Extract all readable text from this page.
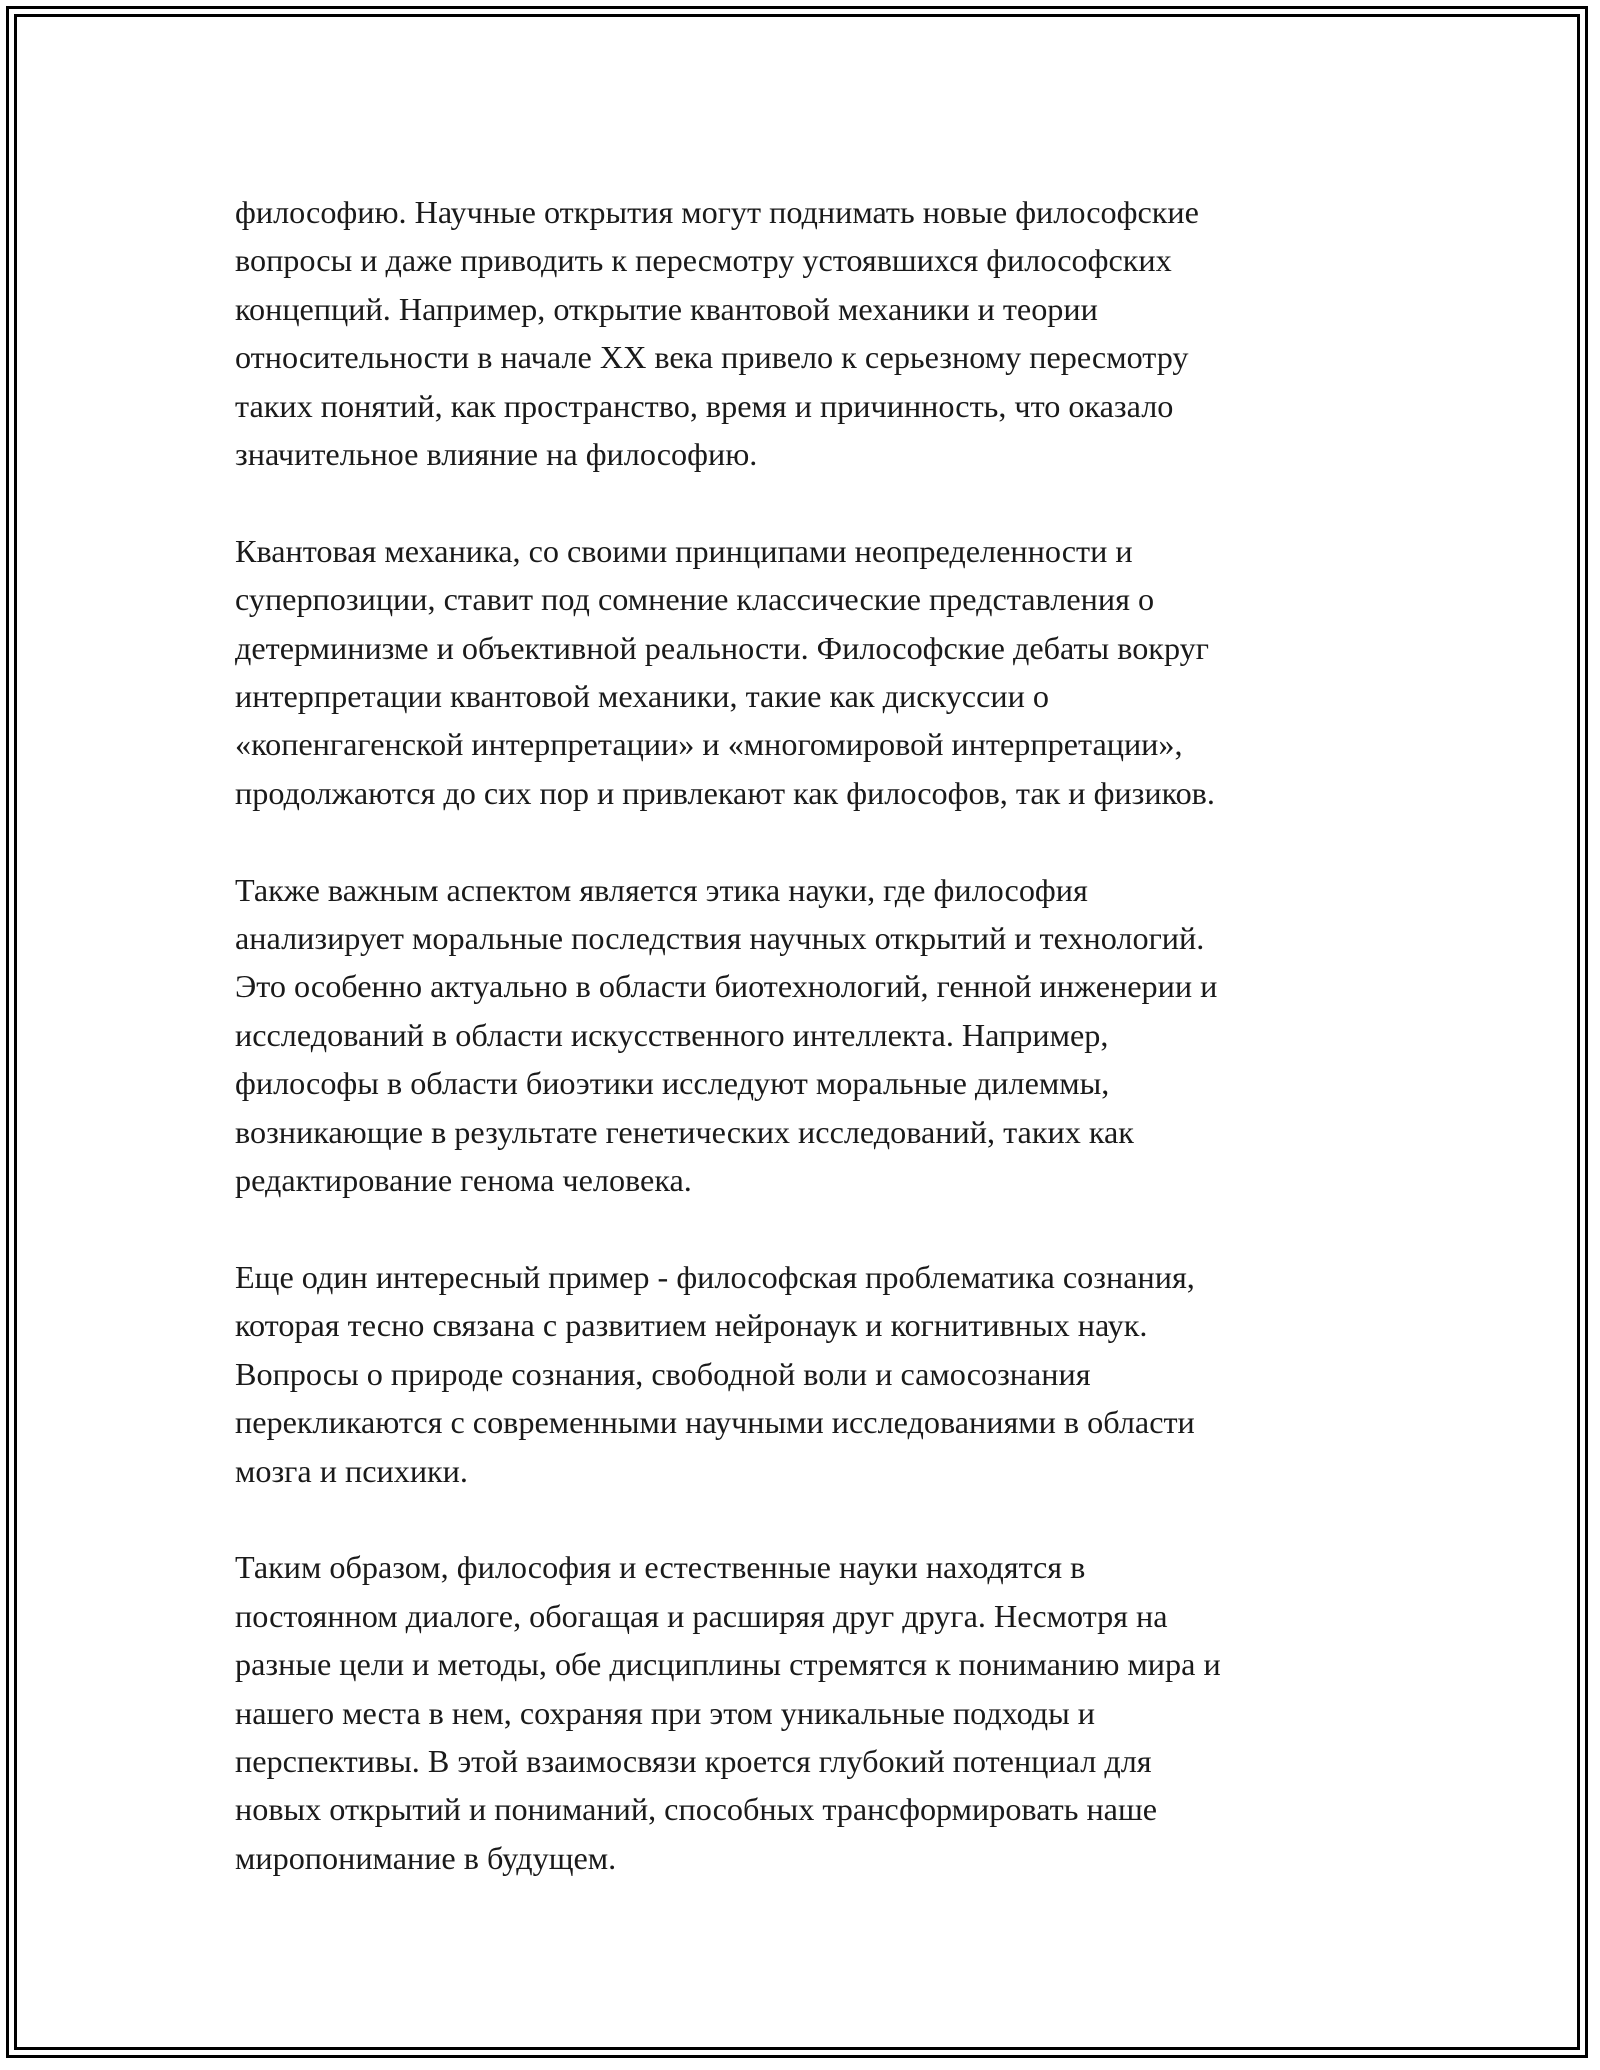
философию. Научные открытия могут поднимать новые философские
вопросы и даже приводить к пересмотру устоявшихся философских
концепций. Например, открытие квантовой механики и теории
относительности в начале XX века привело к серьезному пересмотру
таких понятий, как пространство, время и причинность, что оказало
значительное влияние на философию.

Квантовая механика, со своими принципами неопределенности и
суперпозиции, ставит под сомнение классические представления о
детерминизме и объективной реальности. Философские дебаты вокруг
интерпретации квантовой механики, такие как дискуссии о
«копенгагенской интерпретации» и «многомировой интерпретации»,
продолжаются до сих пор и привлекают как философов, так и физиков.

Также важным аспектом является этика науки, где философия
анализирует моральные последствия научных открытий и технологий.
Это особенно актуально в области биотехнологий, генной инженерии и
исследований в области искусственного интеллекта. Например,
философы в области биоэтики исследуют моральные дилеммы,
возникающие в результате генетических исследований, таких как
редактирование генома человека.

Еще один интересный пример - философская проблематика сознания,
которая тесно связана с развитием нейронаук и когнитивных наук.
Вопросы о природе сознания, свободной воли и самосознания
перекликаются с современными научными исследованиями в области
мозга и психики.

Таким образом, философия и естественные науки находятся в
постоянном диалоге, обогащая и расширяя друг друга. Несмотря на
разные цели и методы, обе дисциплины стремятся к пониманию мира и
нашего места в нем, сохраняя при этом уникальные подходы и
перспективы. В этой взаимосвязи кроется глубокий потенциал для
новых открытий и пониманий, способных трансформировать наше
миропонимание в будущем.
